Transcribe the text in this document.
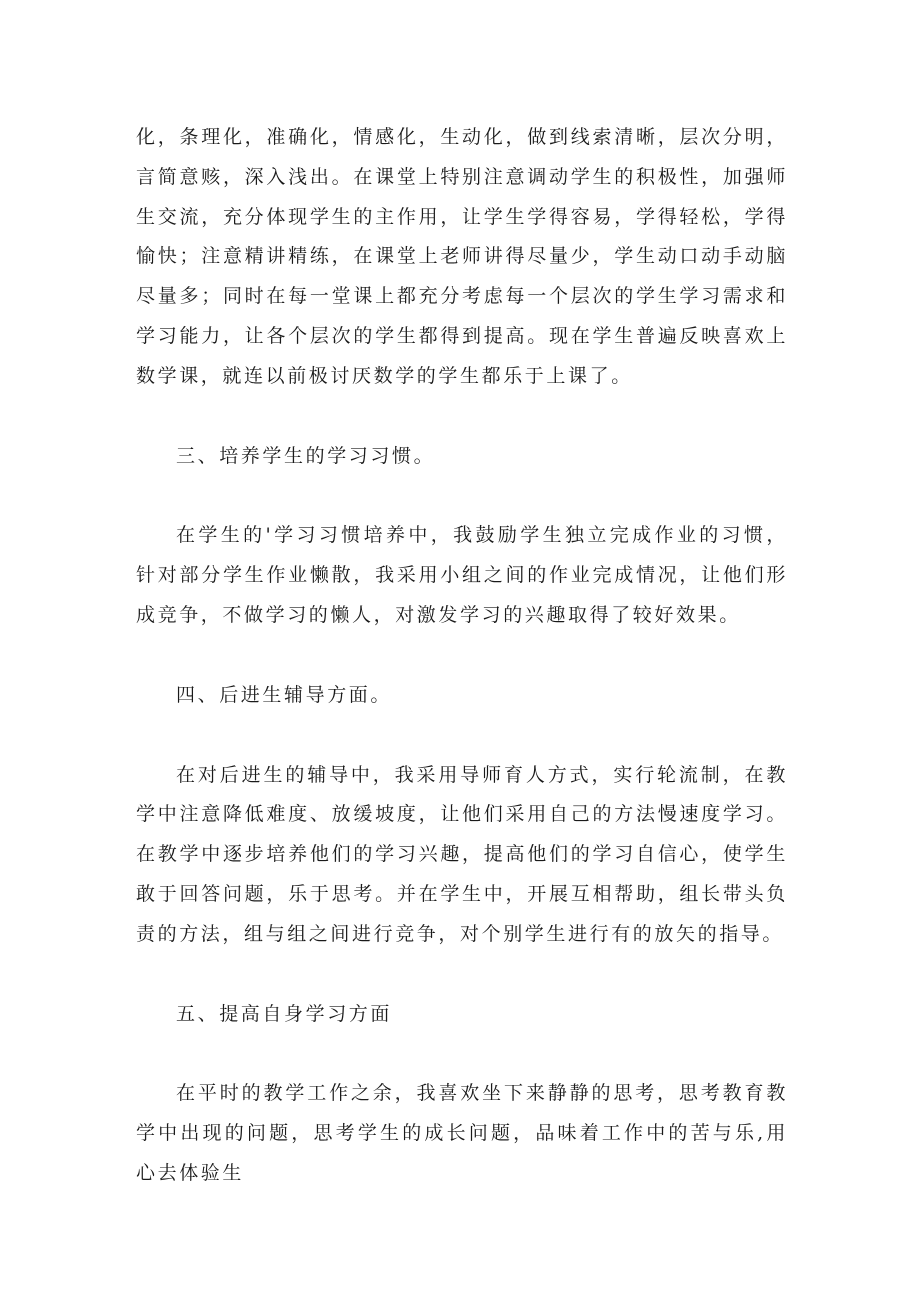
化，条理化，准确化，情感化，生动化，做到线索清晰，层次分明，言简意赅，深入浅出。在课堂上特别注意调动学生的积极性，加强师生交流，充分体现学生的主作用，让学生学得容易，学得轻松，学得愉快；注意精讲精练，在课堂上老师讲得尽量少，学生动口动手动脑尽量多；同时在每一堂课上都充分考虑每一个层次的学生学习需求和学习能力，让各个层次的学生都得到提高。现在学生普遍反映喜欢上数学课，就连以前极讨厌数学的学生都乐于上课了。

三、培养学生的学习习惯。

在学生的'学习习惯培养中，我鼓励学生独立完成作业的习惯，针对部分学生作业懒散，我采用小组之间的作业完成情况，让他们形成竞争，不做学习的懒人，对激发学习的兴趣取得了较好效果。

四、后进生辅导方面。

在对后进生的辅导中，我采用导师育人方式，实行轮流制，在教学中注意降低难度、放缓坡度，让他们采用自己的方法慢速度学习。在教学中逐步培养他们的学习兴趣，提高他们的学习自信心，使学生敢于回答问题，乐于思考。并在学生中，开展互相帮助，组长带头负责的方法，组与组之间进行竞争，对个别学生进行有的放矢的指导。

五、提高自身学习方面

在平时的教学工作之余，我喜欢坐下来静静的思考，思考教育教学中出现的问题，思考学生的成长问题，品味着工作中的苦与乐,用心去体验生
